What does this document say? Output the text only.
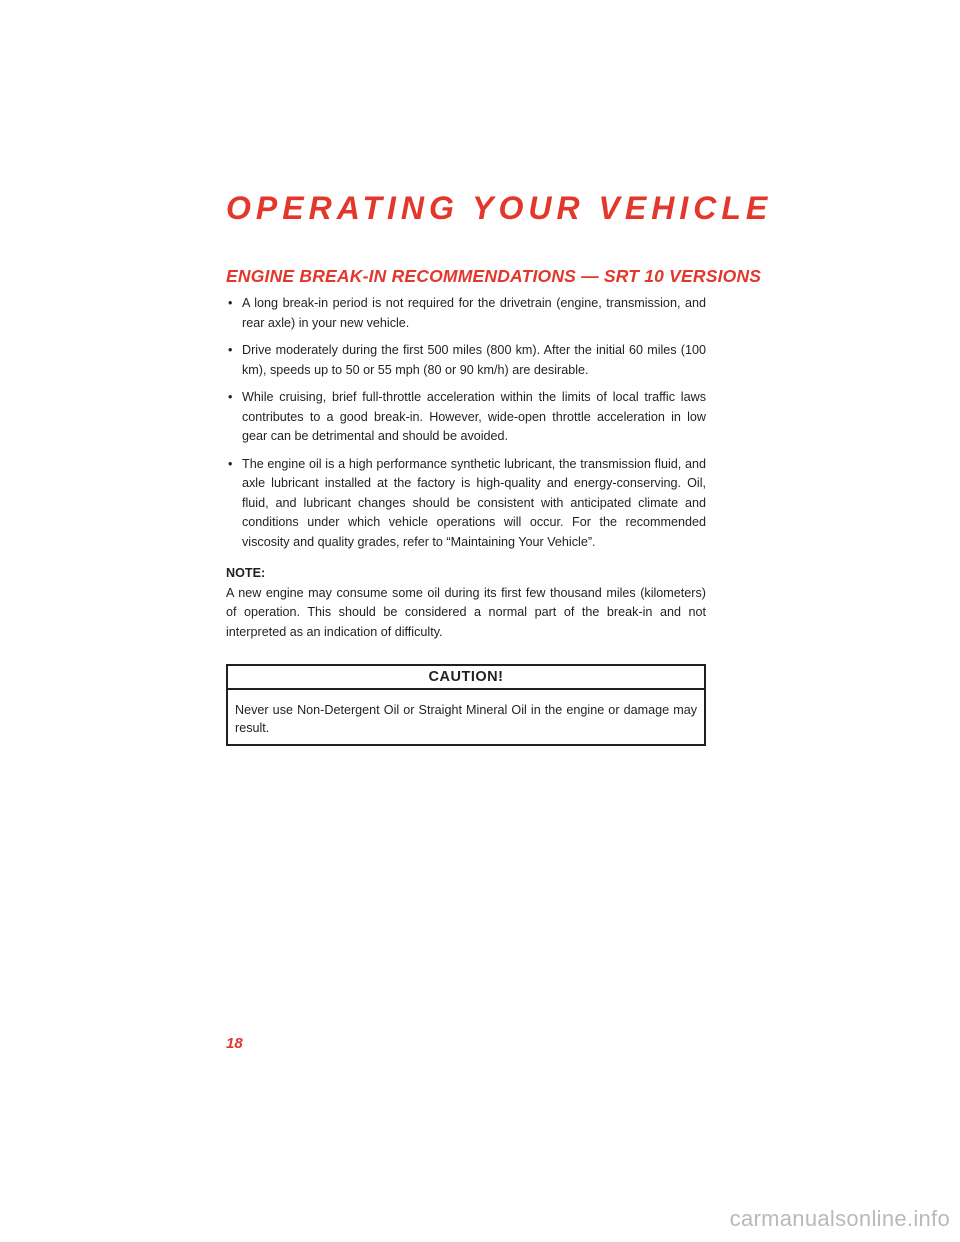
OPERATING YOUR VEHICLE
ENGINE BREAK-IN RECOMMENDATIONS — SRT 10 VERSIONS
• A long break-in period is not required for the drivetrain (engine, transmission, and rear axle) in your new vehicle.
• Drive moderately during the first 500 miles (800 km). After the initial 60 miles (100 km), speeds up to 50 or 55 mph (80 or 90 km/h) are desirable.
• While cruising, brief full-throttle acceleration within the limits of local traffic laws contributes to a good break-in. However, wide-open throttle acceleration in low gear can be detrimental and should be avoided.
• The engine oil is a high performance synthetic lubricant, the transmission fluid, and axle lubricant installed at the factory is high-quality and energy-conserving. Oil, fluid, and lubricant changes should be consistent with anticipated climate and conditions under which vehicle operations will occur. For the recommended viscosity and quality grades, refer to “Maintaining Your Vehicle”.
NOTE:
A new engine may consume some oil during its first few thousand miles (kilometers) of operation. This should be considered a normal part of the break-in and not interpreted as an indication of difficulty.
CAUTION!
Never use Non-Detergent Oil or Straight Mineral Oil in the engine or damage may result.
18
carmanualsonline.info
